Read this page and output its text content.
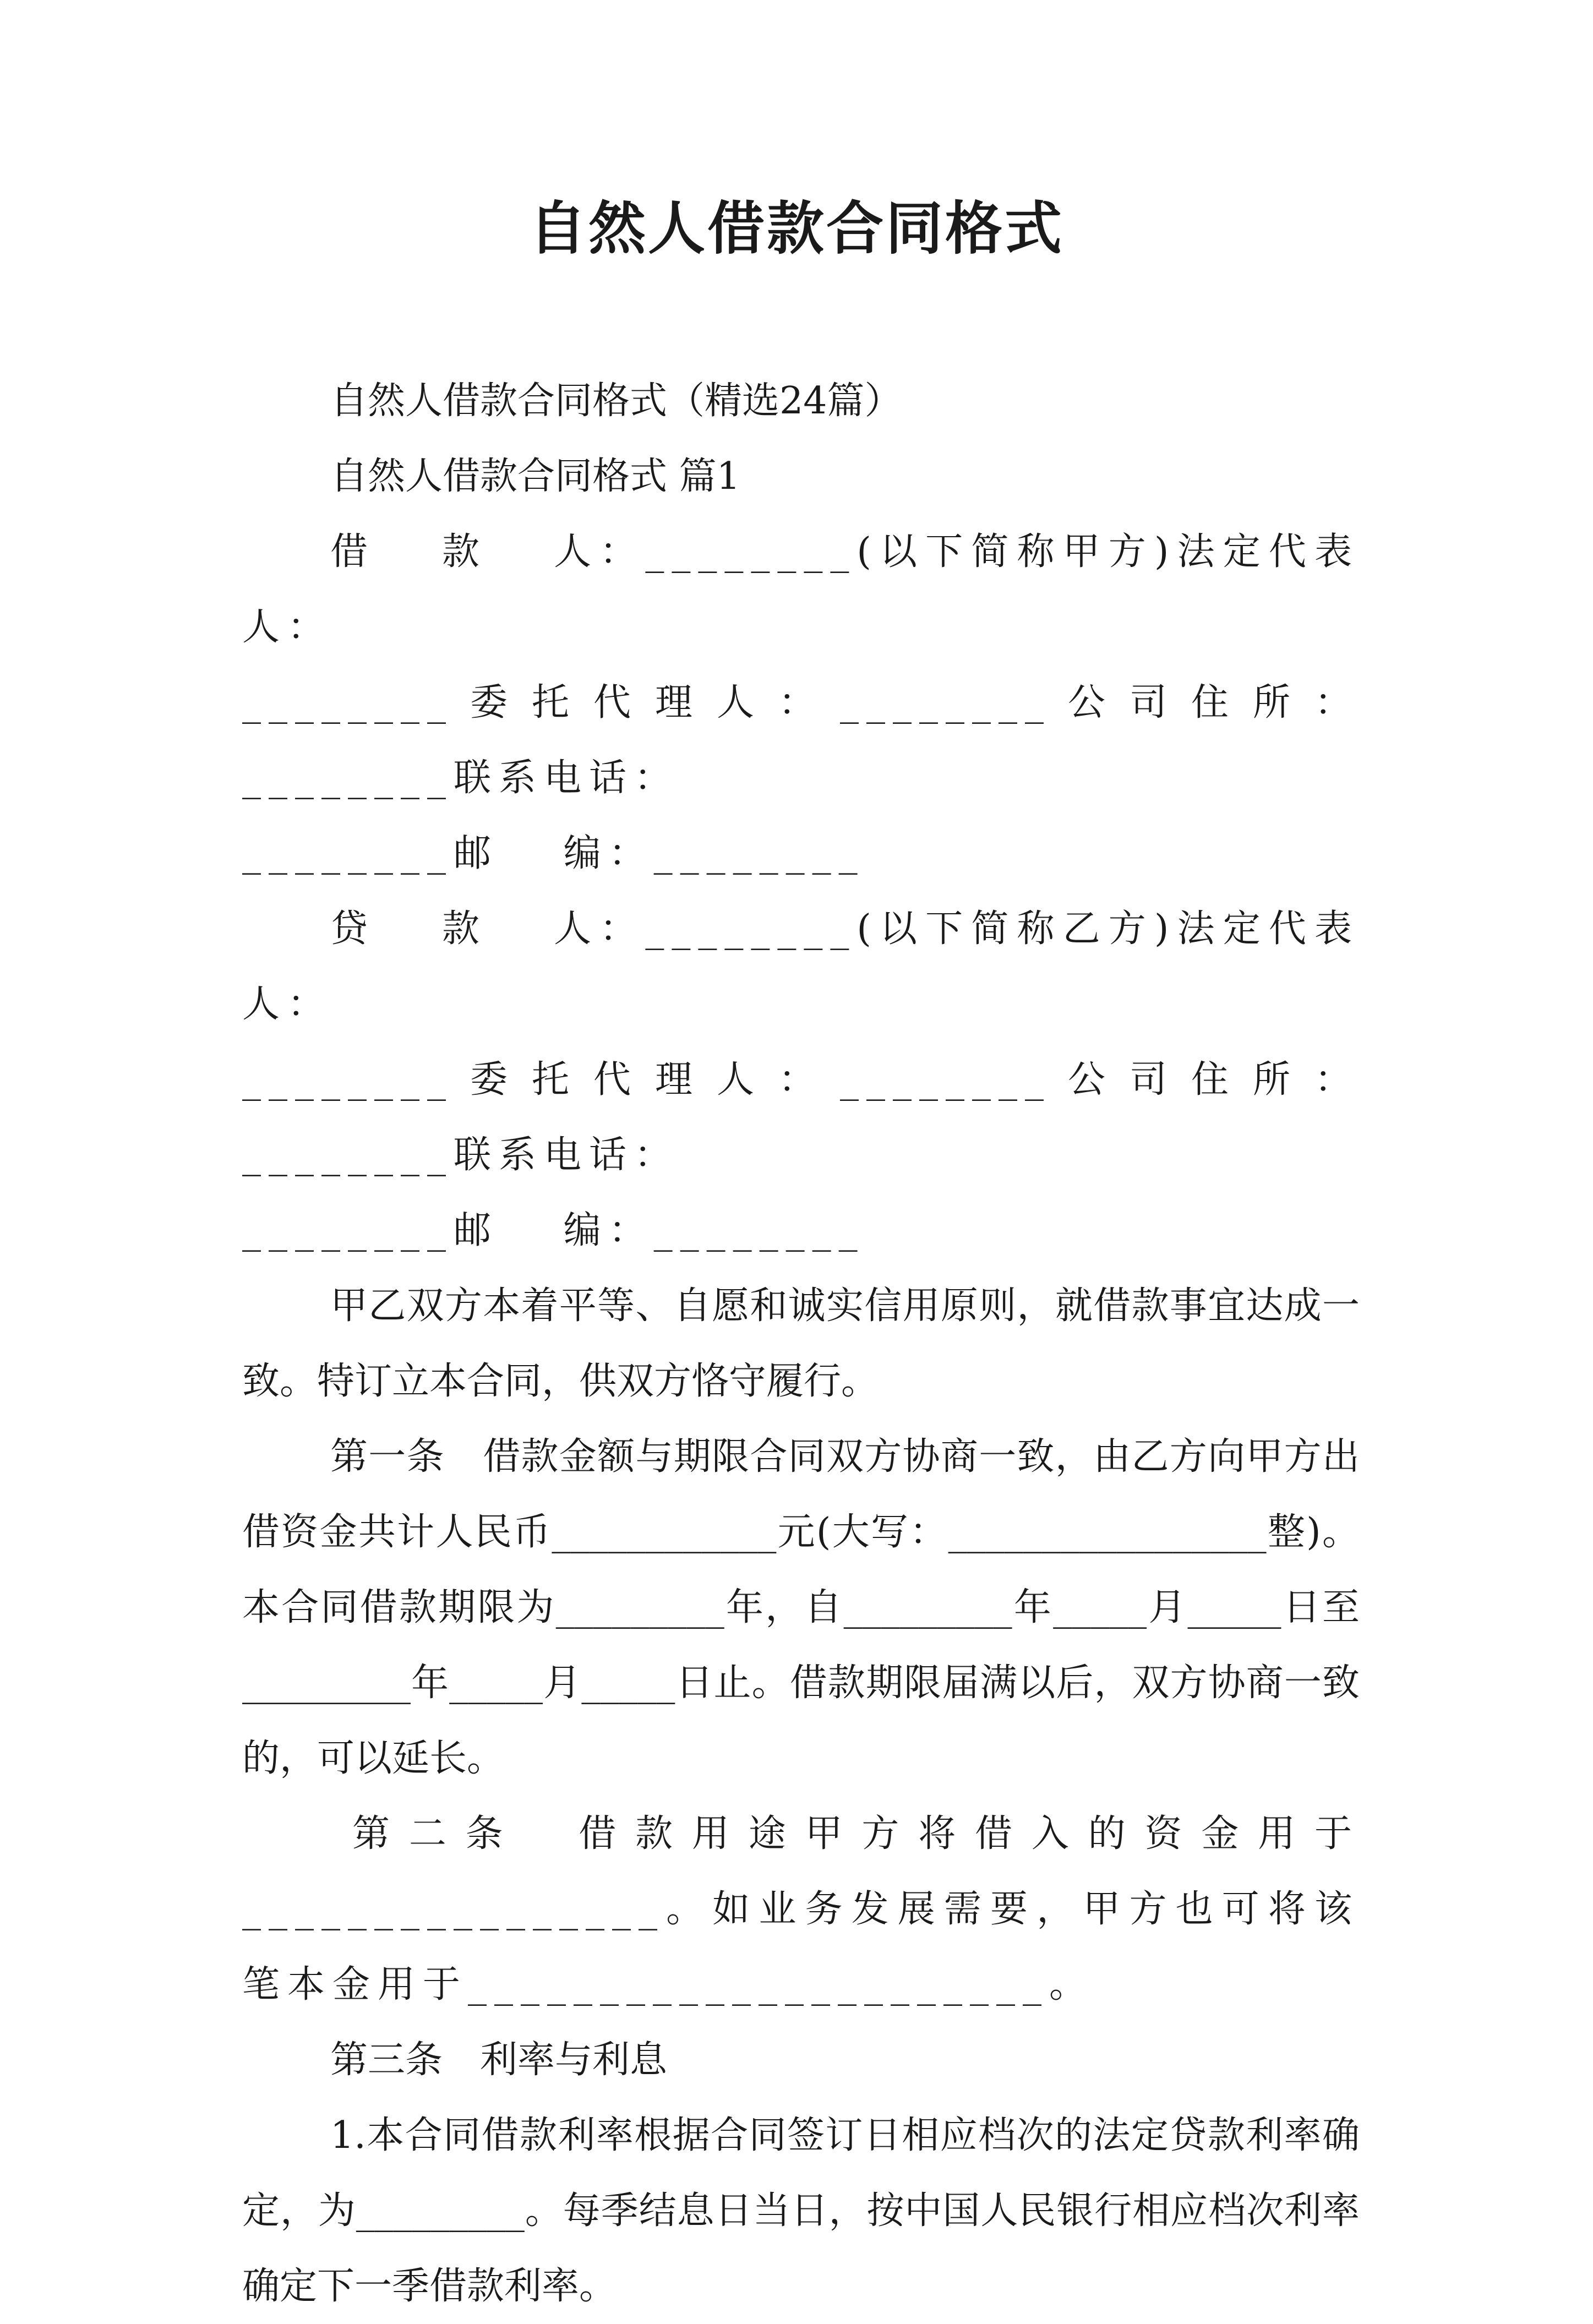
自然人借款合同格式

自然人借款合同格式（精选24篇）

自然人借款合同格式 篇1

借　 款　 人：________(以下简称甲方)法定代表人：

________委托代理人：________公司住所：________联系电话：

________邮　 编：________

贷　 款　 人：________(以下简称乙方)法定代表人：

________委托代理人：________公司住所：________联系电话：

________邮　 编：________

甲乙双方本着平等、自愿和诚实信用原则，就借款事宜达成一致。特订立本合同，供双方恪守履行。

第一条　借款金额与期限合同双方协商一致，由乙方向甲方出借资金共计人民币____________元(大写：_________________整)。本合同借款期限为_________年，自_________年_____月_____日至_________年_____月_____日止。借款期限届满以后，双方协商一致的，可以延长。

第二条　借款用途甲方将借入的资金用于________________。如业务发展需要，甲方也可将该笔本金用于______________________。

第三条　利率与利息

1.本合同借款利率根据合同签订日相应档次的法定贷款利率确定，为_________。每季结息日当日，按中国人民银行相应档次利率确定下一季借款利率。
